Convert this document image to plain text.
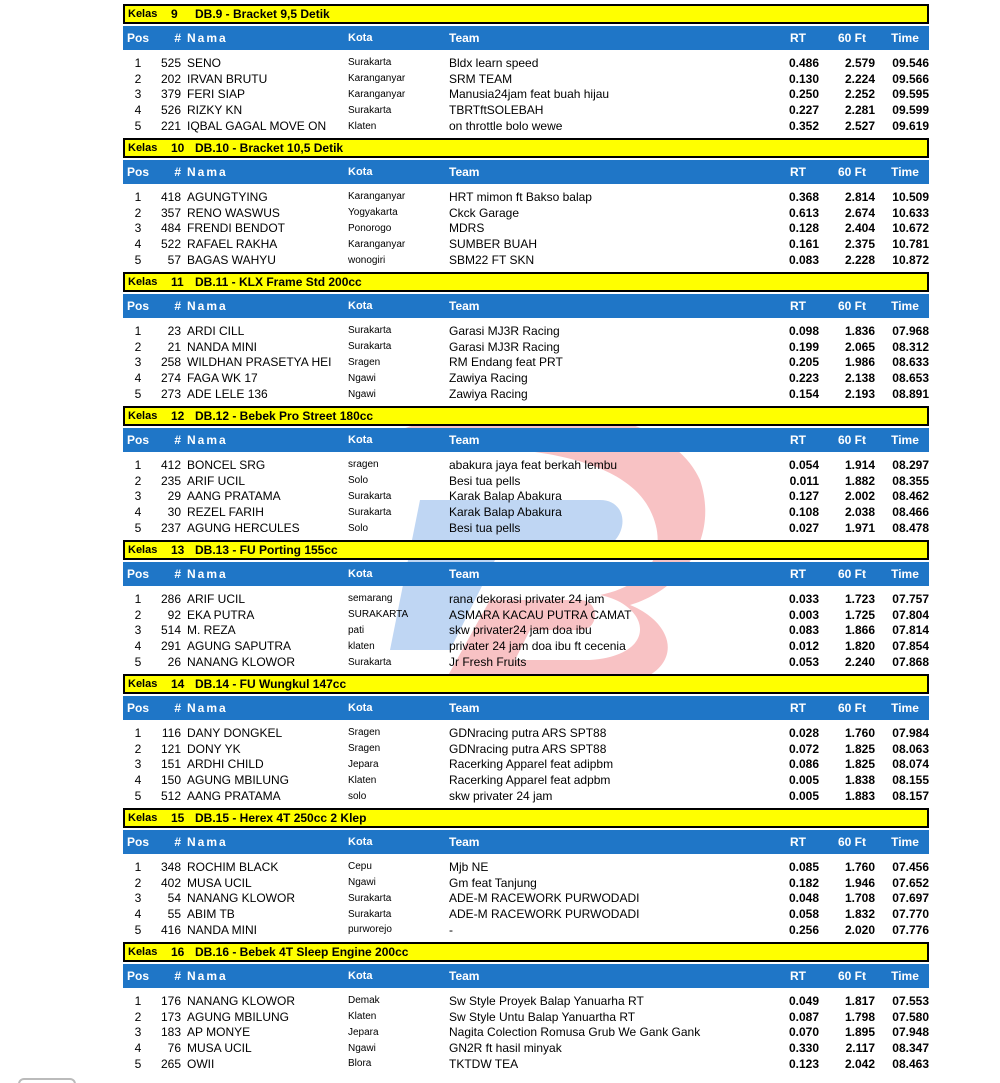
Kelas	9	DB.9 - Bracket 9,5 Detik
Pos	# Nama	Kota	Team	RT	60 Ft	Time
1	525 SENO	Surakarta	Bldx learn speed	0.486	2.579	09.546
2	202 IRVAN BRUTU	Karanganyar	SRM TEAM	0.130	2.224	09.566
3	379 FERI SIAP	Karanganyar	Manusia24jam feat buah hijau	0.250	2.252	09.595
4	526 RIZKY KN	Surakarta	TBRTftSOLEBAH	0.227	2.281	09.599
5	221 IQBAL GAGAL MOVE ON	Klaten	on throttle bolo wewe	0.352	2.527	09.619
Kelas	10 DB.10 - Bracket 10,5 Detik
Pos	# Nama	Kota	Team	RT	60 Ft	Time
1	418 AGUNGTYING	Karanganyar	HRT mimon ft Bakso balap	0.368	2.814	10.509
2	357 RENO WASWUS	Yogyakarta	Ckck Garage	0.613	2.674	10.633
3	484 FRENDI BENDOT	Ponorogo	MDRS	0.128	2.404	10.672
4	522 RAFAEL RAKHA	Karanganyar	SUMBER BUAH	0.161	2.375	10.781
5	57 BAGAS WAHYU	wonogiri	SBM22 FT SKN	0.083	2.228	10.872
Kelas	11 DB.11 - KLX Frame Std 200cc
Pos	# Nama	Kota	Team	RT	60 Ft	Time
1	23 ARDI CILL	Surakarta	Garasi MJ3R Racing	0.098	1.836	07.968
2	21 NANDA MINI	Surakarta	Garasi MJ3R Racing	0.199	2.065	08.312
3	258 WILDHAN PRASETYA HEI	Sragen	RM Endang feat PRT	0.205	1.986	08.633
4	274 FAGA WK 17	Ngawi	Zawiya Racing	0.223	2.138	08.653
5	273 ADE LELE 136	Ngawi	Zawiya Racing	0.154	2.193	08.891
Kelas	12 DB.12 - Bebek Pro Street 180cc
Pos	# Nama	Kota	Team	RT	60 Ft	Time
1	412 BONCEL SRG	sragen	abakura jaya feat berkah lembu	0.054	1.914	08.297
2	235 ARIF UCIL	Solo	Besi tua pells	0.011	1.882	08.355
3	29 AANG PRATAMA	Surakarta	Karak Balap Abakura	0.127	2.002	08.462
4	30 REZEL FARIH	Surakarta	Karak Balap Abakura	0.108	2.038	08.466
5	237 AGUNG HERCULES	Solo	Besi tua pells	0.027	1.971	08.478
Kelas	13 DB.13 - FU Porting 155cc
Pos	# Nama	Kota	Team	RT	60 Ft	Time
1	286 ARIF UCIL	semarang	rana dekorasi privater 24 jam	0.033	1.723	07.757
2	92 EKA PUTRA	SURAKARTA	ASMARA KACAU PUTRA CAMAT	0.003	1.725	07.804
3	514 M. REZA	pati	skw privater24 jam doa ibu	0.083	1.866	07.814
4	291 AGUNG SAPUTRA	klaten	privater 24 jam doa ibu ft cecenia	0.012	1.820	07.854
5	26 NANANG KLOWOR	Surakarta	Jr Fresh Fruits	0.053	2.240	07.868
Kelas	14 DB.14 - FU Wungkul 147cc
Pos	# Nama	Kota	Team	RT	60 Ft	Time
1	116 DANY DONGKEL	Sragen	GDNracing putra ARS SPT88	0.028	1.760	07.984
2	121 DONY YK	Sragen	GDNracing putra ARS SPT88	0.072	1.825	08.063
3	151 ARDHI CHILD	Jepara	Racerking Apparel feat adipbm	0.086	1.825	08.074
4	150 AGUNG MBILUNG	Klaten	Racerking Apparel feat adpbm	0.005	1.838	08.155
5	512 AANG PRATAMA	solo	skw privater 24 jam	0.005	1.883	08.157
Kelas	15 DB.15 - Herex 4T 250cc 2 Klep
Pos	# Nama	Kota	Team	RT	60 Ft	Time
1	348 ROCHIM BLACK	Cepu	Mjb NE	0.085	1.760	07.456
2	402 MUSA UCIL	Ngawi	Gm feat Tanjung	0.182	1.946	07.652
3	54 NANANG KLOWOR	Surakarta	ADE-M RACEWORK PURWODADI	0.048	1.708	07.697
4	55 ABIM TB	Surakarta	ADE-M RACEWORK PURWODADI	0.058	1.832	07.770
5	416 NANDA MINI	purworejo	-	0.256	2.020	07.776
Kelas	16 DB.16 - Bebek 4T Sleep Engine 200cc
Pos	# Nama	Kota	Team	RT	60 Ft	Time
1	176 NANANG KLOWOR	Demak	Sw Style Proyek Balap Yanuarha RT	0.049	1.817	07.553
2	173 AGUNG MBILUNG	Klaten	Sw Style Untu Balap Yanuartha RT	0.087	1.798	07.580
3	183 AP MONYE	Jepara	Nagita Colection Romusa Grub We Gank Gank	0.070	1.895	07.948
4	76 MUSA UCIL	Ngawi	GN2R ft hasil minyak	0.330	2.117	08.347
5	265 OWII	Blora	TKTDW TEA	0.123	2.042	08.463
